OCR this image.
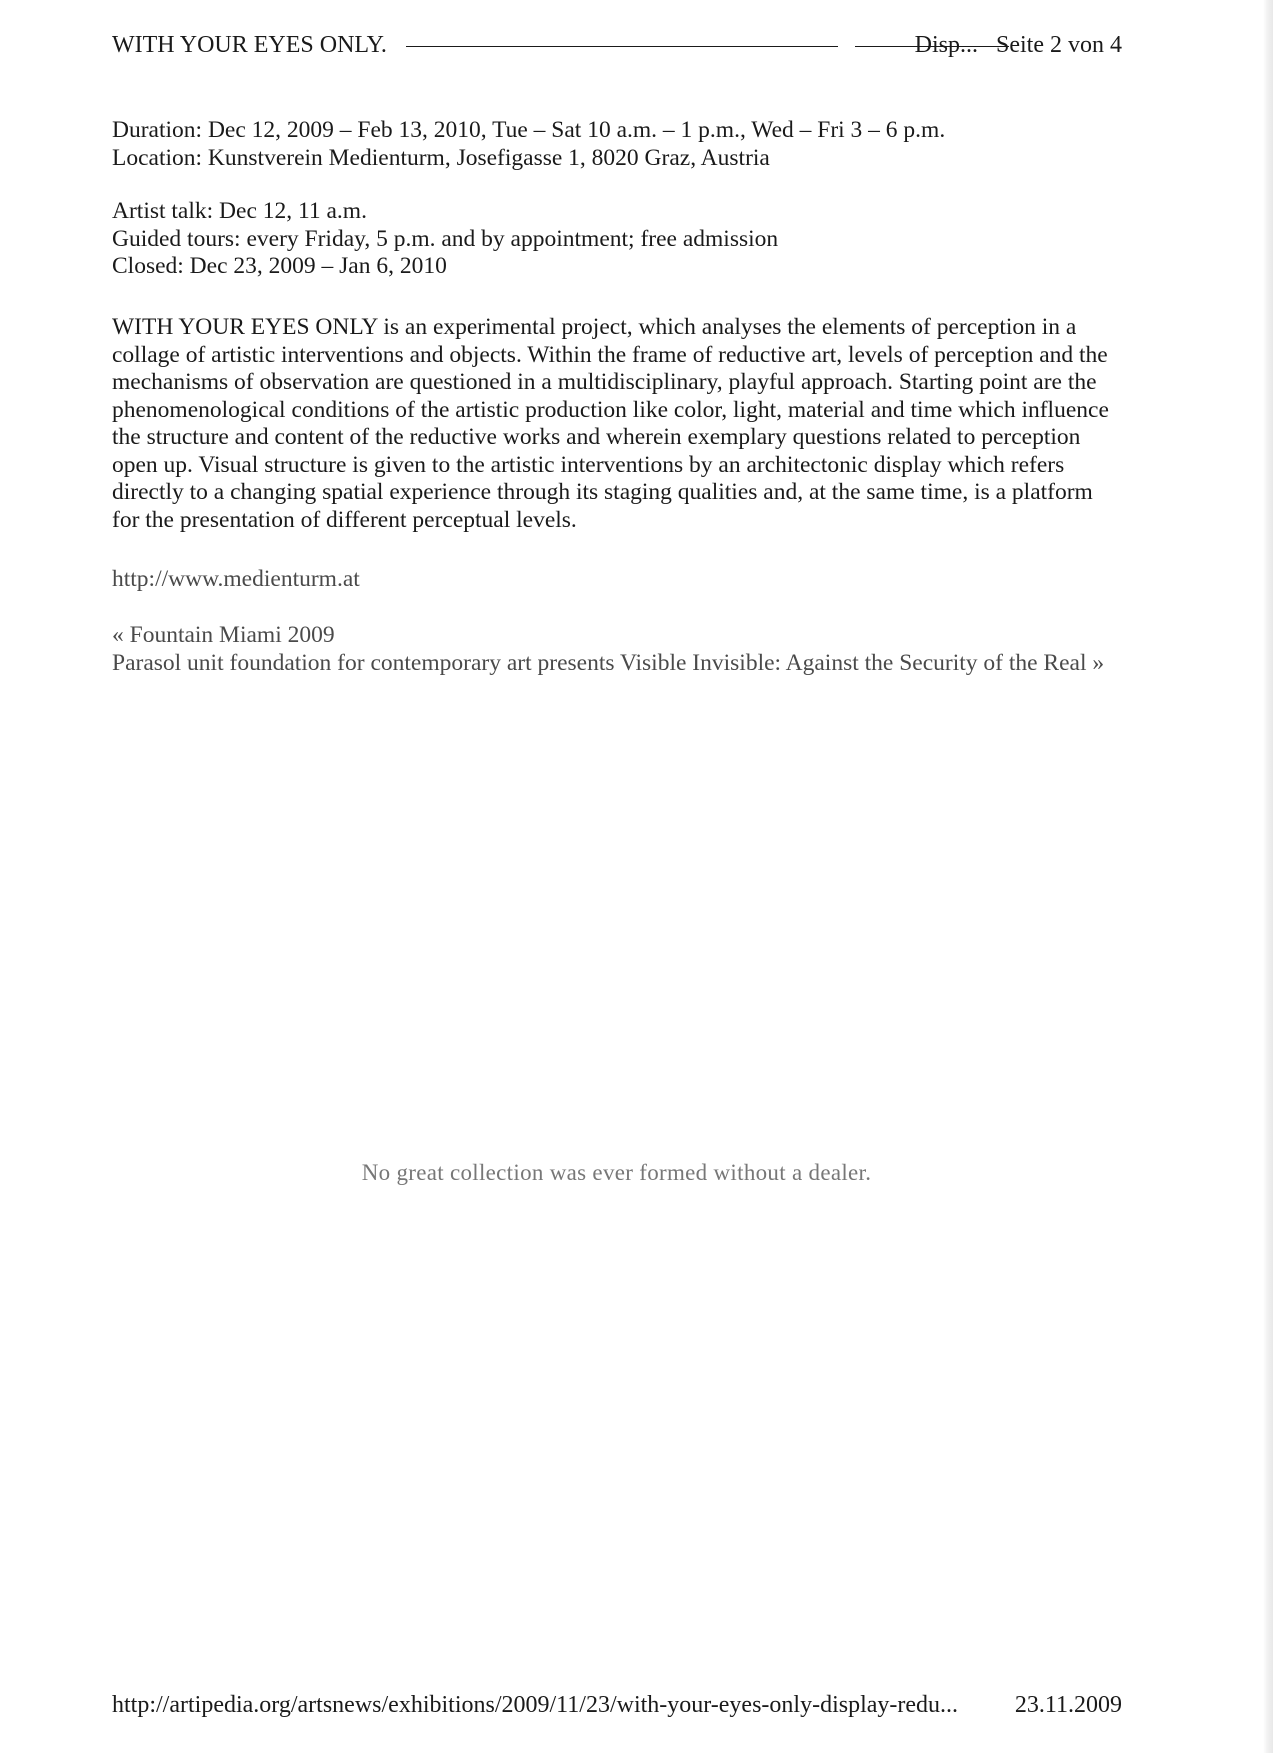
WITH YOUR EYES ONLY.	Disp... Seite 2 von 4

Duration: Dec 12, 2009 – Feb 13, 2010, Tue – Sat 10 a.m. – 1 p.m., Wed – Fri 3 – 6 p.m.

Location: Kunstverein Medienturm, Josefigasse 1, 8020 Graz, Austria

Artist talk: Dec 12, 11 a.m.

Guided tours: every Friday, 5 p.m. and by appointment; free admission

Closed: Dec 23, 2009 – Jan 6, 2010

WITH YOUR EYES ONLY is an experimental project, which analyses the elements of perception in a collage of artistic interventions and objects. Within the frame of reductive art, levels of perception and the mechanisms of observation are questioned in a multidisciplinary, playful approach. Starting point are the phenomenological conditions of the artistic production like color, light, material and time which influence the structure and content of the reductive works and wherein exemplary questions related to perception open up. Visual structure is given to the artistic interventions by an architectonic display which refers directly to a changing spatial experience through its staging qualities and, at the same time, is a platform for the presentation of different perceptual levels.

http://www.medienturm.at

« Fountain Miami 2009

Parasol unit foundation for contemporary art presents Visible Invisible: Against the Security of the Real »

No great collection was ever formed without a dealer.
http://artipedia.org/artsnews/exhibitions/2009/11/23/with-your-eyes-only-display-redu... 23.11.2009
